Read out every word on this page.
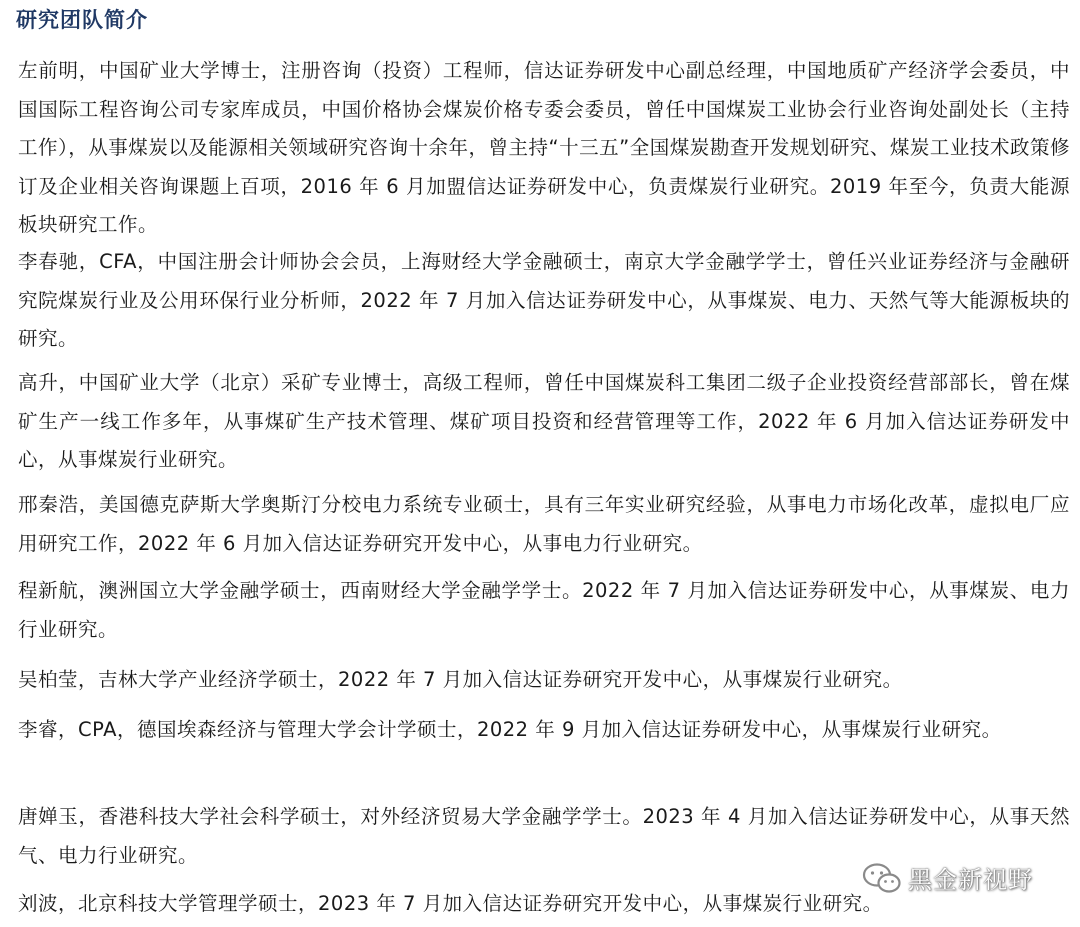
研究团队简介

左前明，中国矿业大学博士，注册咨询（投资）工程师，信达证券研发中心副总经理，中国地质矿产经济学会委员，中国国际工程咨询公司专家库成员，中国价格协会煤炭价格专委会委员，曾任中国煤炭工业协会行业咨询处副处长（主持工作），从事煤炭以及能源相关领域研究咨询十余年，曾主持“十三五”全国煤炭勘查开发规划研究、煤炭工业技术政策修订及企业相关咨询课题上百项，2016 年 6 月加盟信达证券研发中心，负责煤炭行业研究。2019 年至今，负责大能源板块研究工作。

李春驰，CFA，中国注册会计师协会会员，上海财经大学金融硕士，南京大学金融学学士，曾任兴业证券经济与金融研究院煤炭行业及公用环保行业分析师，2022 年 7 月加入信达证券研发中心，从事煤炭、电力、天然气等大能源板块的研究。

高升，中国矿业大学（北京）采矿专业博士，高级工程师，曾任中国煤炭科工集团二级子企业投资经营部部长，曾在煤矿生产一线工作多年，从事煤矿生产技术管理、煤矿项目投资和经营管理等工作，2022 年 6 月加入信达证券研发中心，从事煤炭行业研究。

邢秦浩，美国德克萨斯大学奥斯汀分校电力系统专业硕士，具有三年实业研究经验，从事电力市场化改革，虚拟电厂应用研究工作，2022 年 6 月加入信达证券研究开发中心，从事电力行业研究。

程新航，澳洲国立大学金融学硕士，西南财经大学金融学学士。2022 年 7 月加入信达证券研发中心，从事煤炭、电力行业研究。

吴柏莹，吉林大学产业经济学硕士，2022 年 7 月加入信达证券研究开发中心，从事煤炭行业研究。

李睿，CPA，德国埃森经济与管理大学会计学硕士，2022 年 9 月加入信达证券研发中心，从事煤炭行业研究。

唐婵玉，香港科技大学社会科学硕士，对外经济贸易大学金融学学士。2023 年 4 月加入信达证券研发中心，从事天然气、电力行业研究。

刘波，北京科技大学管理学硕士，2023 年 7 月加入信达证券研究开发中心，从事煤炭行业研究。

黑金新视野
